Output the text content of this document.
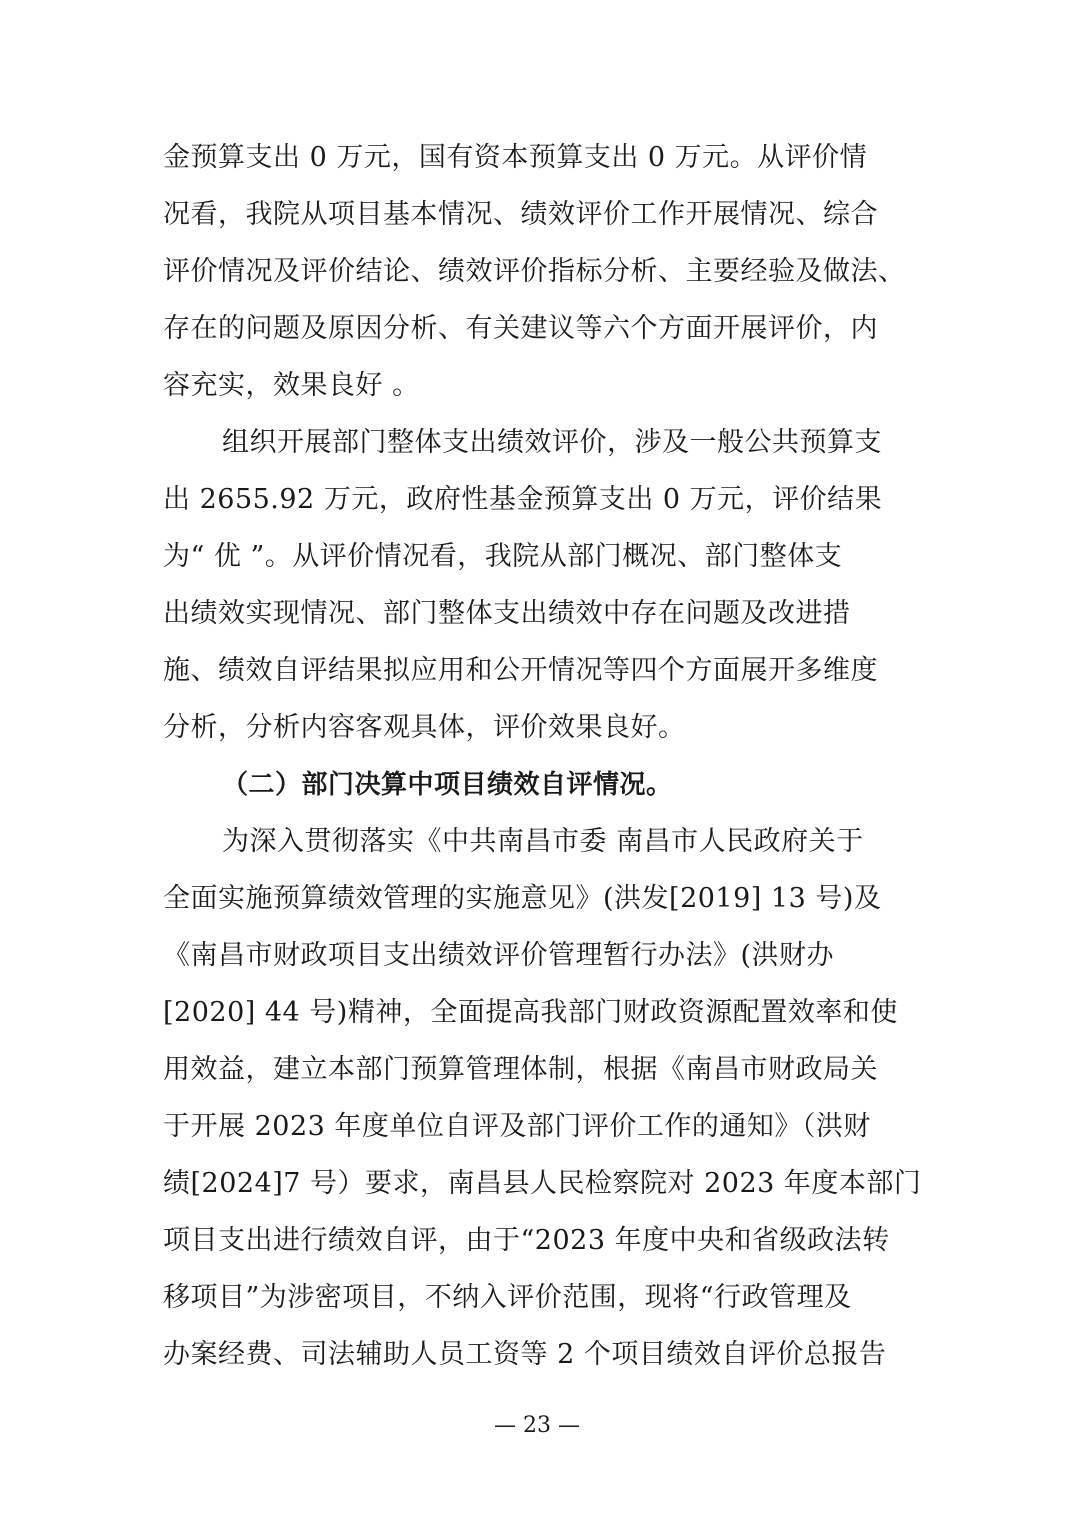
金预算支出 0 万元，国有资本预算支出 0 万元。从评价情
况看，我院从项目基本情况、绩效评价工作开展情况、综合
评价情况及评价结论、绩效评价指标分析、主要经验及做法、
存在的问题及原因分析、有关建议等六个方面开展评价，内
容充实，效果良好 。
组织开展部门整体支出绩效评价，涉及一般公共预算支
出 2655.92 万元，政府性基金预算支出 0 万元，评价结果
为“ 优 ”。从评价情况看，我院从部门概况、部门整体支
出绩效实现情况、部门整体支出绩效中存在问题及改进措
施、绩效自评结果拟应用和公开情况等四个方面展开多维度
分析，分析内容客观具体，评价效果良好。
（二）部门决算中项目绩效自评情况。
为深入贯彻落实《中共南昌市委 南昌市人民政府关于
全面实施预算绩效管理的实施意见》(洪发[2019] 13 号)及
《南昌市财政项目支出绩效评价管理暂行办法》(洪财办
[2020] 44 号)精神，全面提高我部门财政资源配置效率和使
用效益，建立本部门预算管理体制，根据《南昌市财政局关
于开展 2023 年度单位自评及部门评价工作的通知》（洪财
绩[2024]7 号）要求，南昌县人民检察院对 2023 年度本部门
项目支出进行绩效自评，由于“2023 年度中央和省级政法转
移项目”为涉密项目，不纳入评价范围，现将“行政管理及
办案经费、司法辅助人员工资等 2 个项目绩效自评价总报告
— 23 —
